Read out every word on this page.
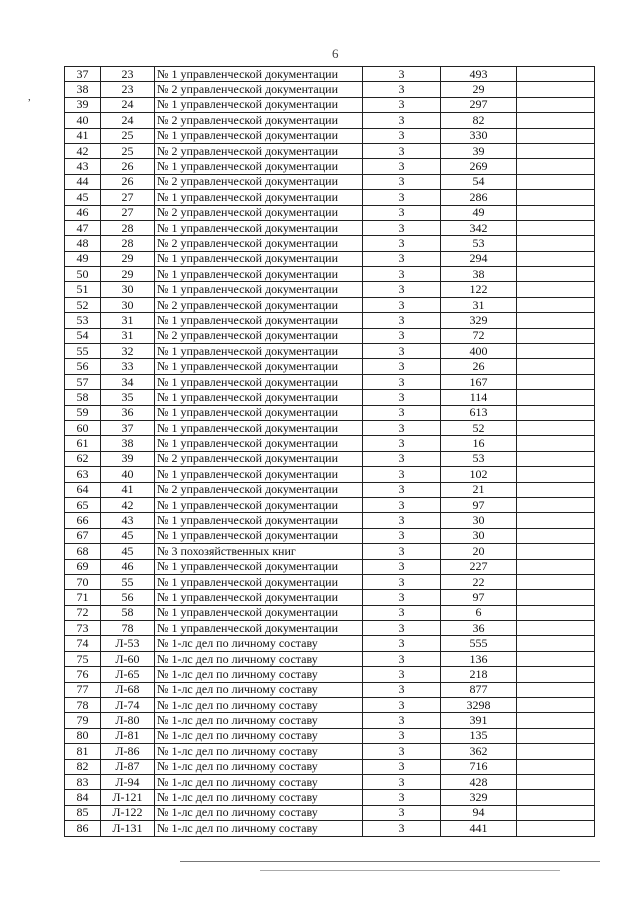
6
,
37	23	№ 1 управленческой документации	3	493	
38	23	№ 2 управленческой документации	3	29	
39	24	№ 1 управленческой документации	3	297	
40	24	№ 2 управленческой документации	3	82	
41	25	№ 1 управленческой документации	3	330	
42	25	№ 2 управленческой документации	3	39	
43	26	№ 1 управленческой документации	3	269	
44	26	№ 2 управленческой документации	3	54	
45	27	№ 1 управленческой документации	3	286	
46	27	№ 2 управленческой документации	3	49	
47	28	№ 1 управленческой документации	3	342	
48	28	№ 2 управленческой документации	3	53	
49	29	№ 1 управленческой документации	3	294	
50	29	№ 1 управленческой документации	3	38	
51	30	№ 1 управленческой документации	3	122	
52	30	№ 2 управленческой документации	3	31	
53	31	№ 1 управленческой документации	3	329	
54	31	№ 2 управленческой документации	3	72	
55	32	№ 1 управленческой документации	3	400	
56	33	№ 1 управленческой документации	3	26	
57	34	№ 1 управленческой документации	3	167	
58	35	№ 1 управленческой документации	3	114	
59	36	№ 1 управленческой документации	3	613	
60	37	№ 1 управленческой документации	3	52	
61	38	№ 1 управленческой документации	3	16	
62	39	№ 2 управленческой документации	3	53	
63	40	№ 1 управленческой документации	3	102	
64	41	№ 2 управленческой документации	3	21	
65	42	№ 1 управленческой документации	3	97	
66	43	№ 1 управленческой документации	3	30	
67	45	№ 1 управленческой документации	3	30	
68	45	№ 3 похозяйственных книг	3	20	
69	46	№ 1 управленческой документации	3	227	
70	55	№ 1 управленческой документации	3	22	
71	56	№ 1 управленческой документации	3	97	
72	58	№ 1 управленческой документации	3	6	
73	78	№ 1 управленческой документации	3	36	
74	Л-53	№ 1-лс дел по личному составу	3	555	
75	Л-60	№ 1-лс дел по личному составу	3	136	
76	Л-65	№ 1-лс дел по личному составу	3	218	
77	Л-68	№ 1-лс дел по личному составу	3	877	
78	Л-74	№ 1-лс дел по личному составу	3	3298	
79	Л-80	№ 1-лс дел по личному составу	3	391	
80	Л-81	№ 1-лс дел по личному составу	3	135	
81	Л-86	№ 1-лс дел по личному составу	3	362	
82	Л-87	№ 1-лс дел по личному составу	3	716	
83	Л-94	№ 1-лс дел по личному составу	3	428	
84	Л-121	№ 1-лс дел по личному составу	3	329	
85	Л-122	№ 1-лс дел по личному составу	3	94	
86	Л-131	№ 1-лс дел по личному составу	3	441	
